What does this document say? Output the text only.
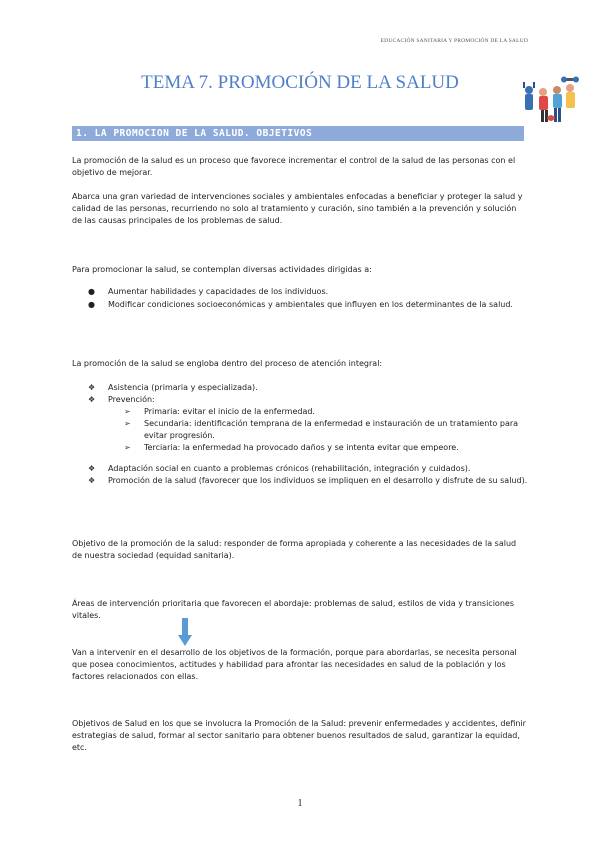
EDUCACIÓN SANITARIA Y PROMOCIÓN DE LA SALUD
TEMA 7. PROMOCIÓN DE LA SALUD
1. LA PROMOCION DE LA SALUD. OBJETIVOS

La promoción de la salud es un proceso que favorece incrementar el control de la salud de las personas con el objetivo de mejorar.

Abarca una gran variedad de intervenciones sociales y ambientales enfocadas a beneficiar y proteger la salud y calidad de las personas, recurriendo no solo al tratamiento y curación, sino también a la prevención y solución de las causas principales de los problemas de salud.

Para promocionar la salud, se contemplan diversas actividades dirigidas a:

● Aumentar habilidades y capacidades de los individuos.
● Modificar condiciones socioeconómicas y ambientales que influyen en los determinantes de la salud.

La promoción de la salud se engloba dentro del proceso de atención integral:

❖ Asistencia (primaria y especializada).
❖ Prevención:
➢ Primaria: evitar el inicio de la enfermedad.
➢ Secundaria: identificación temprana de la enfermedad e instauración de un tratamiento para evitar progresión.
➢ Terciaria: la enfermedad ha provocado daños y se intenta evitar que empeore.
❖ Adaptación social en cuanto a problemas crónicos (rehabilitación, integración y cuidados).
❖ Promoción de la salud (favorecer que los individuos se impliquen en el desarrollo y disfrute de su salud).

Objetivo de la promoción de la salud: responder de forma apropiada y coherente a las necesidades de la salud de nuestra sociedad (equidad sanitaria).

Áreas de intervención prioritaria que favorecen el abordaje: problemas de salud, estilos de vida y transiciones vitales.

Van a intervenir en el desarrollo de los objetivos de la formación, porque para abordarlas, se necesita personal que posea conocimientos, actitudes y habilidad para afrontar las necesidades en salud de la población y los factores relacionados con ellas.

Objetivos de Salud en los que se involucra la Promoción de la Salud: prevenir enfermedades y accidentes, definir estrategias de salud, formar al sector sanitario para obtener buenos resultados de salud, garantizar la equidad, etc.

1
